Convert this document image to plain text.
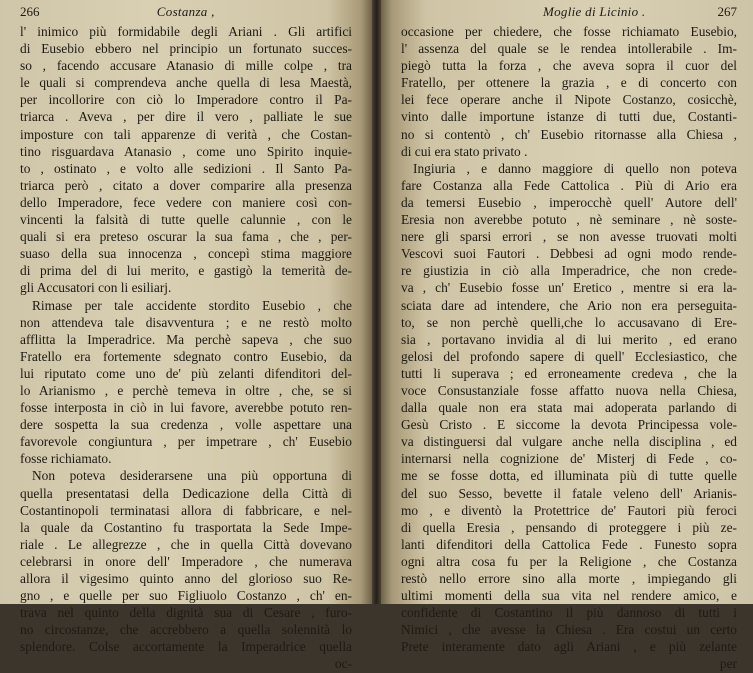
266	Costanza ,
l' inimico più formidabile degli Ariani . Gli artifici
di Eusebio ebbero nel principio un fortunato succes-
so , facendo accusare Atanasio di mille colpe , tra
le quali si comprendeva anche quella di lesa Maestà,
per incollorire con ciò lo Imperadore contro il Pa-
triarca . Aveva , per dire il vero , palliate le sue
imposture con tali apparenze di verità , che Costan-
tino risguardava Atanasio , come uno Spirito inquie-
to , ostinato , e volto alle sedizioni . Il Santo Pa-
triarca però , citato a dover comparire alla presenza
dello Imperadore, fece vedere con maniere così con-
vincenti la falsità di tutte quelle calunnie , con le
quali si era preteso oscurar la sua fama , che , per-
suaso della sua innocenza , concepì stima maggiore
di prima del di lui merito, e gastigò la temerità de-
gli Accusatori con li esiliarj.
Rimase per tale accidente stordito Eusebio , che
non attendeva tale disavventura ; e ne restò molto
afflitta la Imperadrice. Ma perchè sapeva , che suo
Fratello era fortemente sdegnato contro Eusebio, da
lui riputato come uno de' più zelanti difenditori del-
lo Arianismo , e perchè temeva in oltre , che, se si
fosse interposta in ciò in lui favore, averebbe potuto ren-
dere sospetta la sua credenza , volle aspettare una
favorevole congiuntura , per impetrare , ch' Eusebio
fosse richiamato.
Non poteva desiderarsene una più opportuna di
quella presentatasi della Dedicazione della Città di
Costantinopoli terminatasi allora di fabbricare, e nel-
la quale da Costantino fu trasportata la Sede Impe-
riale . Le allegrezze , che in quella Città dovevano
celebrarsi in onore dell' Imperadore , che numerava
allora il vigesimo quinto anno del glorioso suo Re-
gno , e quelle per suo Figliuolo Costanzo , ch' en-
trava nel quinto della dignità sua di Cesare , furo-
no circostanze, che accrebbero a quella solennità lo
splendore. Colse accortamente la Imperadrice quella
oc-
Moglie di Licinio .	267
occasione per chiedere, che fosse richiamato Eusebio,
l' assenza del quale se le rendea intollerabile . Im-
piegò tutta la forza , che aveva sopra il cuor del
Fratello, per ottenere la grazia , e di concerto con
lei fece operare anche il Nipote Costanzo, cosicchè,
vinto dalle importune istanze di tutti due, Costanti-
no si contentò , ch' Eusebio ritornasse alla Chiesa ,
di cui era stato privato .
Ingiuria , e danno maggiore di quello non poteva
fare Costanza alla Fede Cattolica . Più di Ario era
da temersi Eusebio , imperocchè quell' Autore dell'
Eresia non averebbe potuto , nè seminare , nè soste-
nere gli sparsi errori , se non avesse truovati molti
Vescovi suoi Fautori . Debbesi ad ogni modo rende-
re giustizia in ciò alla Imperadrice, che non crede-
va , ch' Eusebio fosse un' Eretico , mentre si era la-
sciata dare ad intendere, che Ario non era perseguita-
to, se non perchè quelli,che lo accusavano di Ere-
sia , portavano invidia al di lui merito , ed erano
gelosi del profondo sapere di quell' Ecclesiastico, che
tutti li superava ; ed erroneamente credeva , che la
voce Consustanziale fosse affatto nuova nella Chiesa,
dalla quale non era stata mai adoperata parlando di
Gesù Cristo . E siccome la devota Principessa vole-
va distinguersi dal vulgare anche nella disciplina , ed
internarsi nella cognizione de' Misterj di Fede , co-
me se fosse dotta, ed illuminata più di tutte quelle
del suo Sesso, bevette il fatale veleno dell' Arianis-
mo , e diventò la Protettrice de' Fautori più feroci
di quella Eresia , pensando di proteggere i più ze-
lanti difenditori della Cattolica Fede . Funesto sopra
ogni altra cosa fu per la Religione , che Costanza
restò nello errore sino alla morte , impiegando gli
ultimi momenti della sua vita nel rendere amico, e
confidente di Costantino il più dannoso di tutti i
Nimici , che avesse la Chiesa . Era costui un certo
Prete interamente dato agli Ariani , e più zelante
per
